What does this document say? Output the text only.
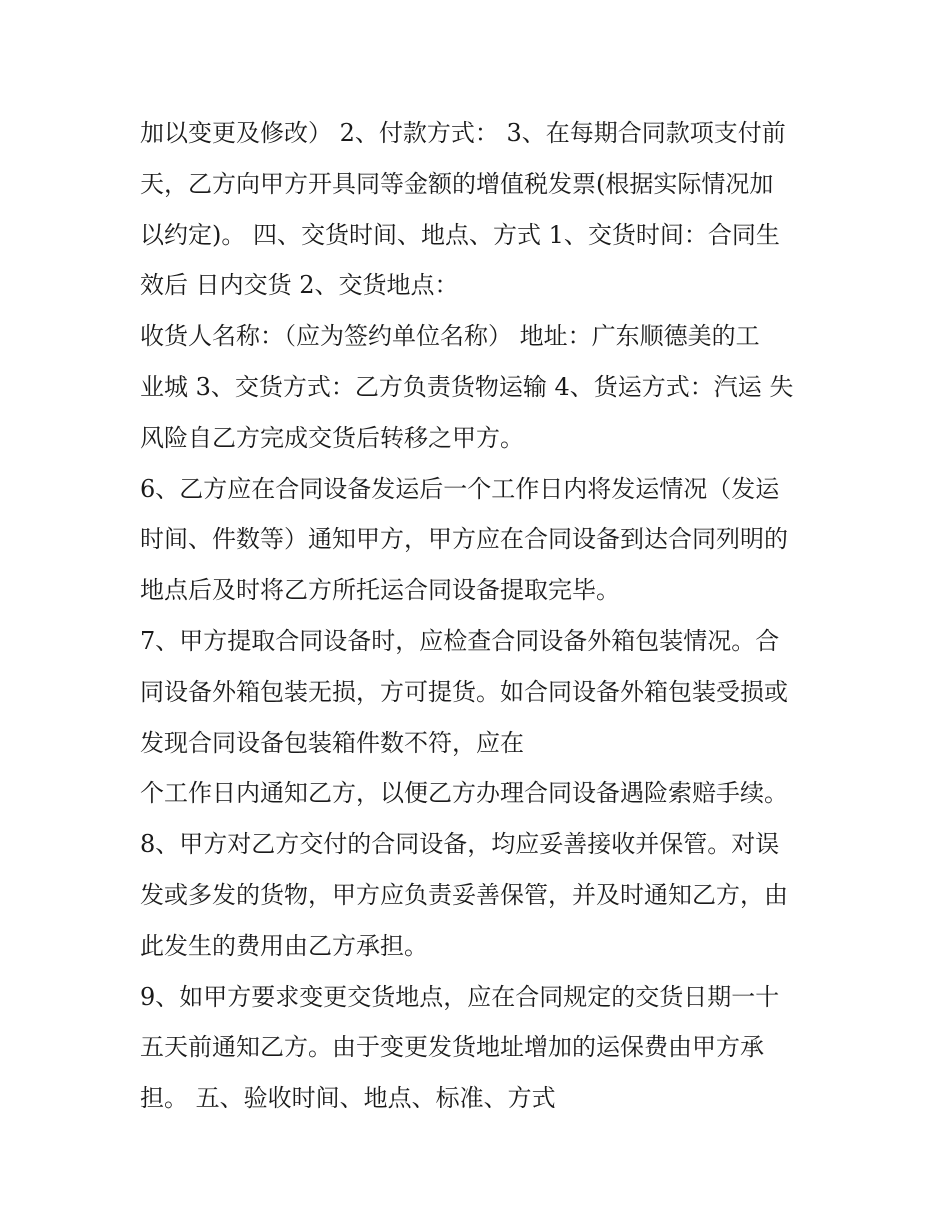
加以变更及修改） 2、付款方式： 3、在每期合同款项支付前
天，乙方向甲方开具同等金额的增值税发票(根据实际情况加
以约定)。 四、交货时间、地点、方式 1、交货时间：合同生
效后 日内交货 2、交货地点：
收货人名称：（应为签约单位名称） 地址：广东顺德美的工
业城 3、交货方式：乙方负责货物运输 4、货运方式：汽运 失
风险自乙方完成交货后转移之甲方。
6、乙方应在合同设备发运后一个工作日内将发运情况（发运
时间、件数等）通知甲方，甲方应在合同设备到达合同列明的
地点后及时将乙方所托运合同设备提取完毕。
7、甲方提取合同设备时，应检查合同设备外箱包装情况。合
同设备外箱包装无损，方可提货。如合同设备外箱包装受损或
发现合同设备包装箱件数不符，应在
个工作日内通知乙方，以便乙方办理合同设备遇险索赔手续。
8、甲方对乙方交付的合同设备，均应妥善接收并保管。对误
发或多发的货物，甲方应负责妥善保管，并及时通知乙方，由
此发生的费用由乙方承担。
9、如甲方要求变更交货地点，应在合同规定的交货日期一十
五天前通知乙方。由于变更发货地址增加的运保费由甲方承
担。 五、验收时间、地点、标准、方式
